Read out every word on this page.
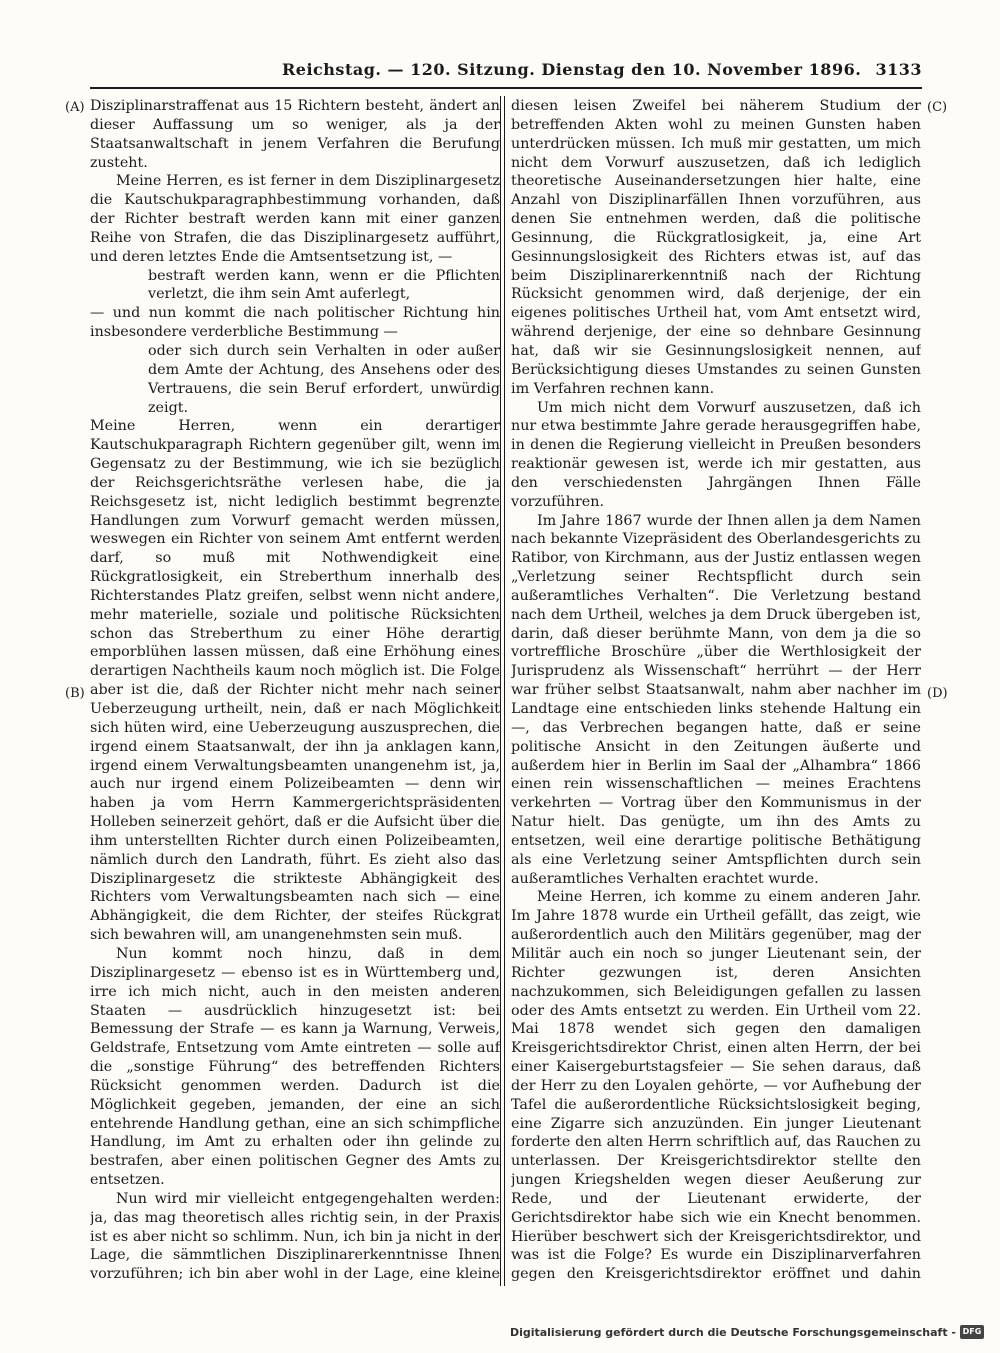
Reichstag. — 120. Sitzung. Dienstag den 10. November 1896. 3133
(A)
(B)
(C)
(D)

Disziplinarstraffenat aus 15 Richtern besteht, ändert an dieser Auffassung um so weniger, als ja der Staatsanwaltschaft in jenem Verfahren die Berufung zusteht.

Meine Herren, es ist ferner in dem Disziplinargesetz die Kautschukparagraphbestimmung vorhanden, daß der Richter bestraft werden kann mit einer ganzen Reihe von Strafen, die das Disziplinargesetz aufführt, und deren letztes Ende die Amtsentsetzung ist, —

bestraft werden kann, wenn er die Pflichten verletzt, die ihm sein Amt auferlegt,

— und nun kommt die nach politischer Richtung hin insbesondere verderbliche Bestimmung —

oder sich durch sein Verhalten in oder außer dem Amte der Achtung, des Ansehens oder des Vertrauens, die sein Beruf erfordert, unwürdig zeigt.

Meine Herren, wenn ein derartiger Kautschukparagraph Richtern gegenüber gilt, wenn im Gegensatz zu der Bestimmung, wie ich sie bezüglich der Reichsgerichtsräthe verlesen habe, die ja Reichsgesetz ist, nicht lediglich bestimmt begrenzte Handlungen zum Vorwurf gemacht werden müssen, weswegen ein Richter von seinem Amt entfernt werden darf, so muß mit Nothwendigkeit eine Rückgratlosigkeit, ein Streberthum innerhalb des Richterstandes Platz greifen, selbst wenn nicht andere, mehr materielle, soziale und politische Rücksichten schon das Streberthum zu einer Höhe derartig emporblühen lassen müssen, daß eine Erhöhung eines derartigen Nachtheils kaum noch möglich ist. Die Folge aber ist die, daß der Richter nicht mehr nach seiner Ueberzeugung urtheilt, nein, daß er nach Möglichkeit sich hüten wird, eine Ueberzeugung auszusprechen, die irgend einem Staatsanwalt, der ihn ja anklagen kann, irgend einem Verwaltungsbeamten unangenehm ist, ja, auch nur irgend einem Polizeibeamten — denn wir haben ja vom Herrn Kammergerichtspräsidenten Holleben seinerzeit gehört, daß er die Aufsicht über die ihm unterstellten Richter durch einen Polizeibeamten, nämlich durch den Landrath, führt. Es zieht also das Disziplinargesetz die strikteste Abhängigkeit des Richters vom Verwaltungsbeamten nach sich — eine Abhängigkeit, die dem Richter, der steifes Rückgrat sich bewahren will, am unangenehmsten sein muß.

Nun kommt noch hinzu, daß in dem Disziplinargesetz — ebenso ist es in Württemberg und, irre ich mich nicht, auch in den meisten anderen Staaten — ausdrücklich hinzugesetzt ist: bei Bemessung der Strafe — es kann ja Warnung, Verweis, Geldstrafe, Entsetzung vom Amte eintreten — solle auf die „sonstige Führung“ des betreffenden Richters Rücksicht genommen werden. Dadurch ist die Möglichkeit gegeben, jemanden, der eine an sich entehrende Handlung gethan, eine an sich schimpfliche Handlung, im Amt zu erhalten oder ihn gelinde zu bestrafen, aber einen politischen Gegner des Amts zu entsetzen.

Nun wird mir vielleicht entgegengehalten werden: ja, das mag theoretisch alles richtig sein, in der Praxis ist es aber nicht so schlimm. Nun, ich bin ja nicht in der Lage, die sämmtlichen Disziplinarerkenntnisse Ihnen vorzuführen; ich bin aber wohl in der Lage, eine kleine

diesen leisen Zweifel bei näherem Studium der betreffenden Akten wohl zu meinen Gunsten haben unterdrücken müssen. Ich muß mir gestatten, um mich nicht dem Vorwurf auszusetzen, daß ich lediglich theoretische Auseinandersetzungen hier halte, eine Anzahl von Disziplinarfällen Ihnen vorzuführen, aus denen Sie entnehmen werden, daß die politische Gesinnung, die Rückgratlosigkeit, ja, eine Art Gesinnungslosigkeit des Richters etwas ist, auf das beim Disziplinarerkenntniß nach der Richtung Rücksicht genommen wird, daß derjenige, der ein eigenes politisches Urtheil hat, vom Amt entsetzt wird, während derjenige, der eine so dehnbare Gesinnung hat, daß wir sie Gesinnungslosigkeit nennen, auf Berücksichtigung dieses Umstandes zu seinen Gunsten im Verfahren rechnen kann.

Um mich nicht dem Vorwurf auszusetzen, daß ich nur etwa bestimmte Jahre gerade herausgegriffen habe, in denen die Regierung vielleicht in Preußen besonders reaktionär gewesen ist, werde ich mir gestatten, aus den verschiedensten Jahrgängen Ihnen Fälle vorzuführen.

Im Jahre 1867 wurde der Ihnen allen ja dem Namen nach bekannte Vizepräsident des Oberlandesgerichts zu Ratibor, von Kirchmann, aus der Justiz entlassen wegen „Verletzung seiner Rechtspflicht durch sein außeramtliches Verhalten“. Die Verletzung bestand nach dem Urtheil, welches ja dem Druck übergeben ist, darin, daß dieser berühmte Mann, von dem ja die so vortreffliche Broschüre „über die Werthlosigkeit der Jurisprudenz als Wissenschaft“ herrührt — der Herr war früher selbst Staatsanwalt, nahm aber nachher im Landtage eine entschieden links stehende Haltung ein —, das Verbrechen begangen hatte, daß er seine politische Ansicht in den Zeitungen äußerte und außerdem hier in Berlin im Saal der „Alhambra“ 1866 einen rein wissenschaftlichen — meines Erachtens verkehrten — Vortrag über den Kommunismus in der Natur hielt. Das genügte, um ihn des Amts zu entsetzen, weil eine derartige politische Bethätigung als eine Verletzung seiner Amtspflichten durch sein außeramtliches Verhalten erachtet wurde.

Meine Herren, ich komme zu einem anderen Jahr. Im Jahre 1878 wurde ein Urtheil gefällt, das zeigt, wie außerordentlich auch den Militärs gegenüber, mag der Militär auch ein noch so junger Lieutenant sein, der Richter gezwungen ist, deren Ansichten nachzukommen, sich Beleidigungen gefallen zu lassen oder des Amts entsetzt zu werden. Ein Urtheil vom 22. Mai 1878 wendet sich gegen den damaligen Kreisgerichtsdirektor Christ, einen alten Herrn, der bei einer Kaisergeburtstagsfeier — Sie sehen daraus, daß der Herr zu den Loyalen gehörte, — vor Aufhebung der Tafel die außerordentliche Rücksichtslosigkeit beging, eine Zigarre sich anzuzünden. Ein junger Lieutenant forderte den alten Herrn schriftlich auf, das Rauchen zu unterlassen. Der Kreisgerichtsdirektor stellte den jungen Kriegshelden wegen dieser Aeußerung zur Rede, und der Lieutenant erwiderte, der Gerichtsdirektor habe sich wie ein Knecht benommen. Hierüber beschwert sich der Kreisgerichtsdirektor, und was ist die Folge? Es wurde ein Disziplinarverfahren gegen den Kreisgerichtsdirektor eröffnet und dahin

Digitalisierung gefördert durch die Deutsche Forschungsgemeinschaft - DFG
